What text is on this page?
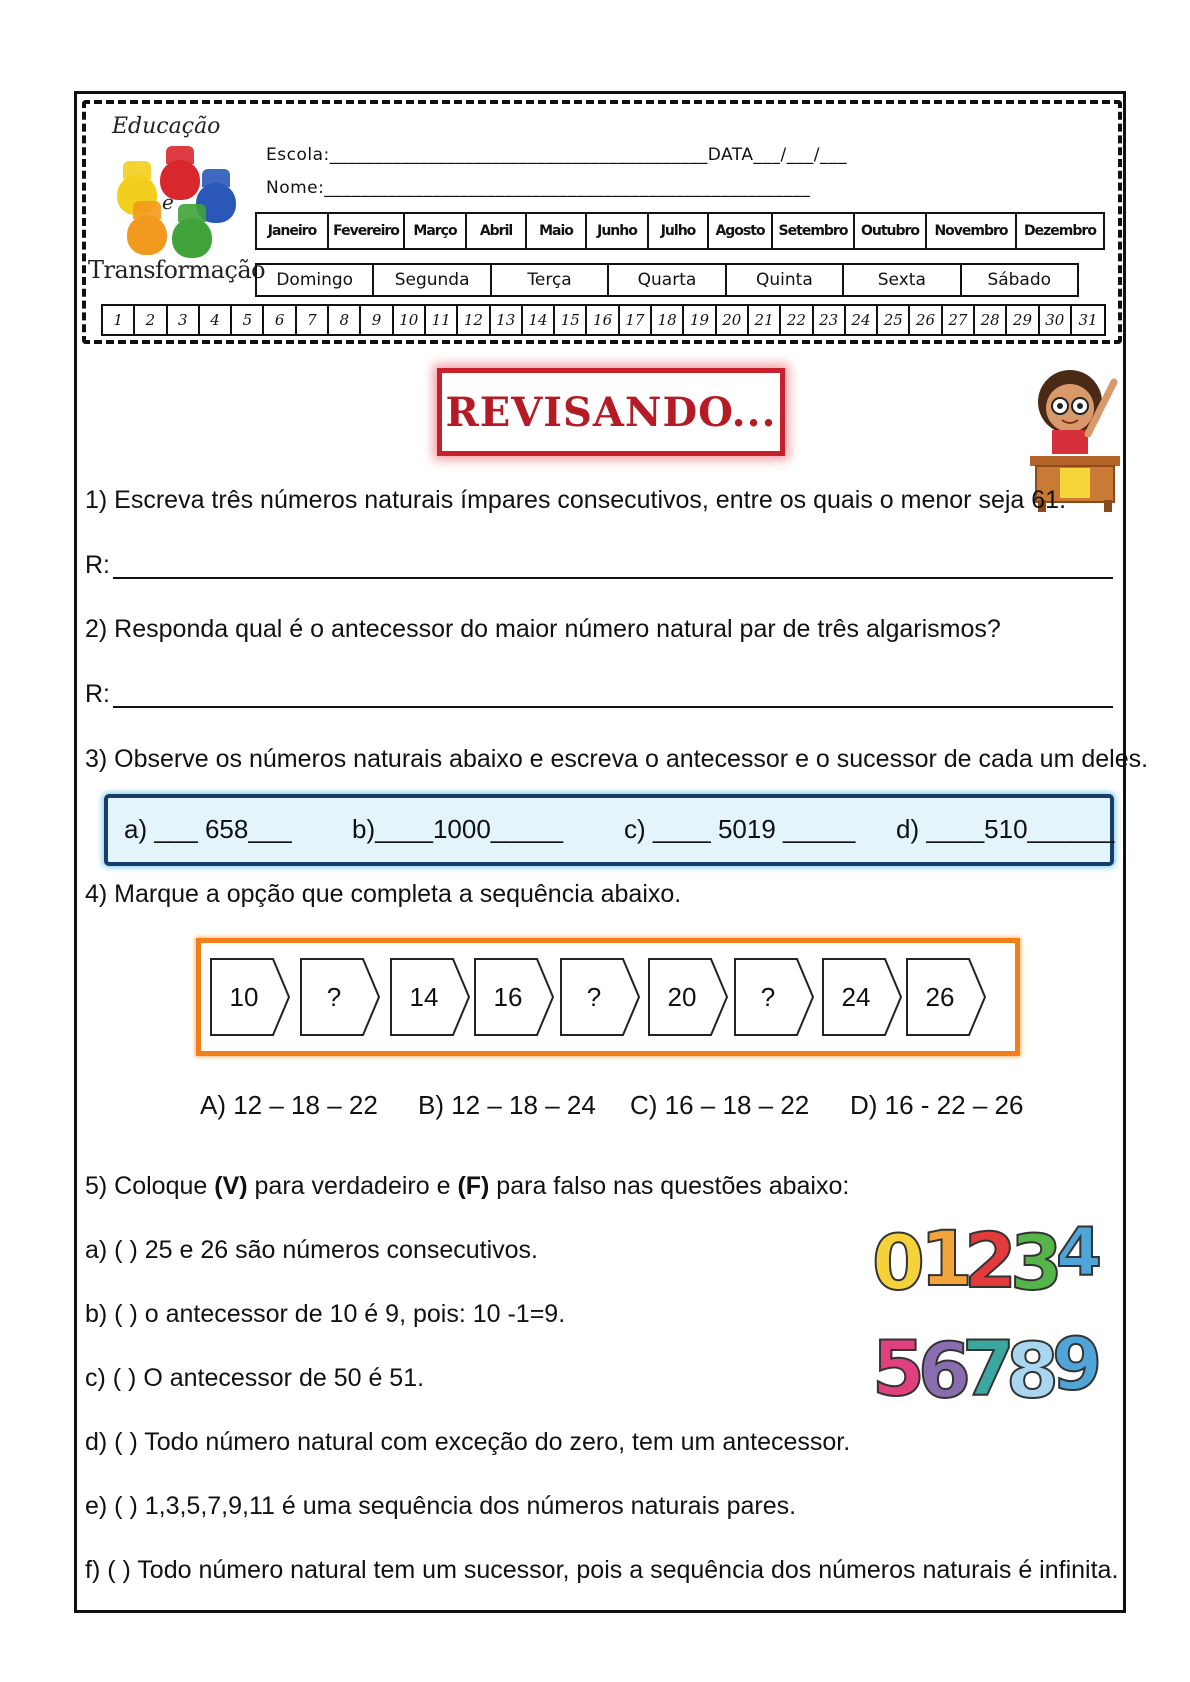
Educação
e
Transformação
Escola:__________________________________________DATA___/___/___
Nome:______________________________________________________
Janeiro	Fevereiro	Março	Abril	Maio	Junho	Julho	Agosto Setembro Outubro	Novembro	Dezembro
Domingo	Segunda	Terça	Quarta	Quinta	Sexta	Sábado
1	2	3	4	5	6	7	8	9	10 11 12 13 14 15 16 17 18 19 20 21 22 23 24 25 26 27 28 29 30 31
REVISANDO...
1) Escreva três números naturais ímpares consecutivos, entre os quais o menor seja 61.
R:
2) Responda qual é o antecessor do maior número natural par de três algarismos?
R:
3) Observe os números naturais abaixo e escreva o antecessor e o sucessor de cada um deles.
a) ___ 658___ b)____1000_____ c) ____ 5019 _____ d) ____510______
4) Marque a opção que completa a sequência abaixo.
10	?	14	16	?	20	?	24	26
A) 12 – 18 – 22 B) 12 – 18 – 24 C) 16 – 18 – 22 D) 16 - 22 – 26
5) Coloque (V) para verdadeiro e (F) para falso nas questões abaixo:
a) ( ) 25 e 26 são números consecutivos.
b) ( ) o antecessor de 10 é 9, pois: 10 -1=9.
c) ( ) O antecessor de 50 é 51.
d) ( ) Todo número natural com exceção do zero, tem um antecessor.
e) ( ) 1,3,5,7,9,11 é uma sequência dos números naturais pares.
f) ( ) Todo número natural tem um sucessor, pois a sequência dos números naturais é infinita.
0
1
2
3
4
5
6
7
8
9
